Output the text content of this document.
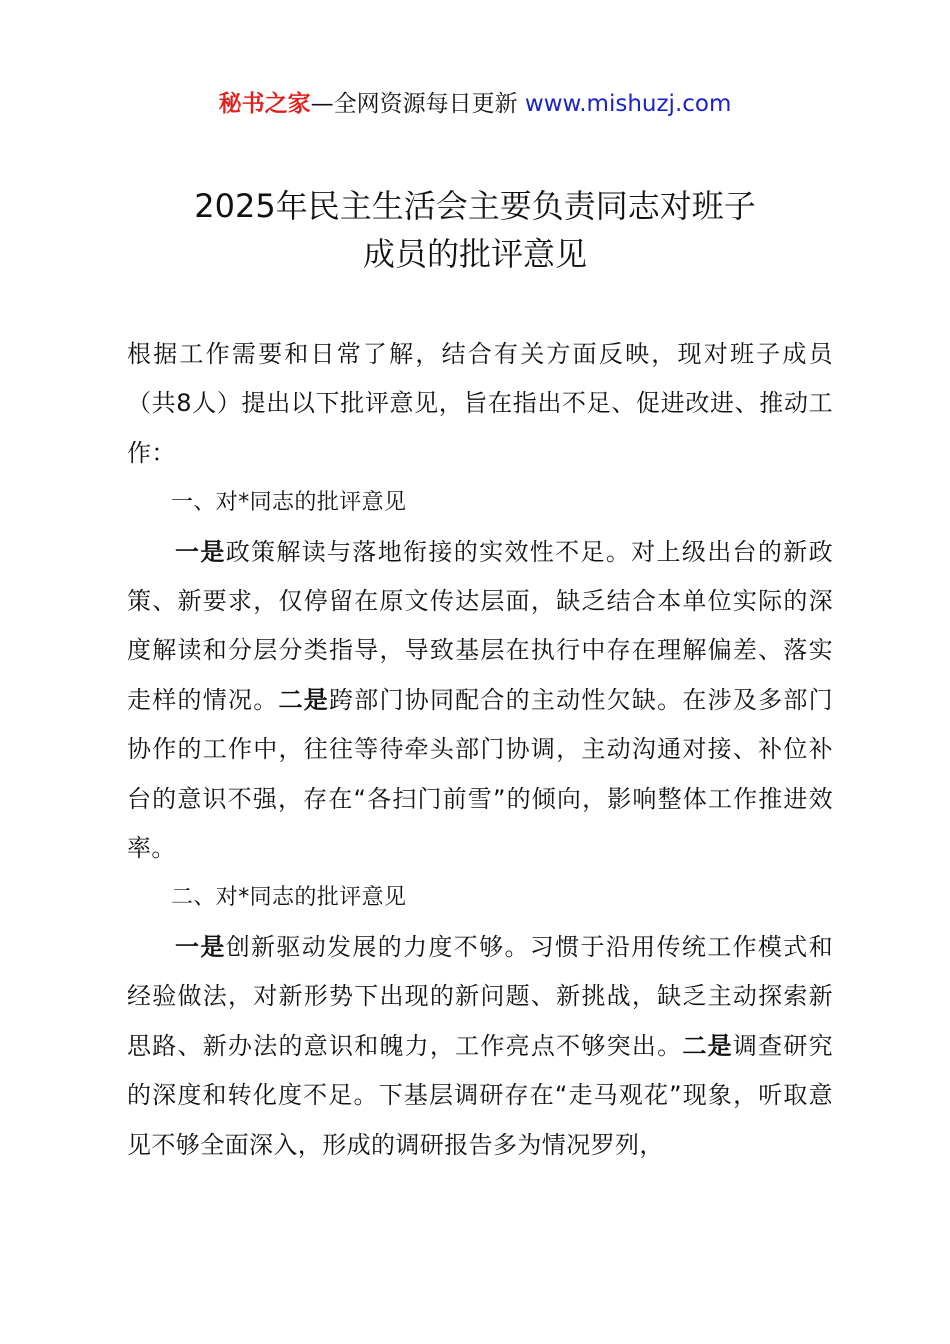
秘书之家—全网资源每日更新 www.mishuzj.com
2025年民主生活会主要负责同志对班子
成员的批评意见

根据工作需要和日常了解，结合有关方面反映，现对班子成员（共8人）提出以下批评意见，旨在指出不足、促进改进、推动工作：

一、对*同志的批评意见

一是政策解读与落地衔接的实效性不足。对上级出台的新政策、新要求，仅停留在原文传达层面，缺乏结合本单位实际的深度解读和分层分类指导，导致基层在执行中存在理解偏差、落实走样的情况。二是跨部门协同配合的主动性欠缺。在涉及多部门协作的工作中，往往等待牵头部门协调，主动沟通对接、补位补台的意识不强，存在“各扫门前雪”的倾向，影响整体工作推进效率。

二、对*同志的批评意见

一是创新驱动发展的力度不够。习惯于沿用传统工作模式和经验做法，对新形势下出现的新问题、新挑战，缺乏主动探索新思路、新办法的意识和魄力，工作亮点不够突出。二是调查研究的深度和转化度不足。下基层调研存在“走马观花”现象，听取意见不够全面深入，形成的调研报告多为情况罗列，
